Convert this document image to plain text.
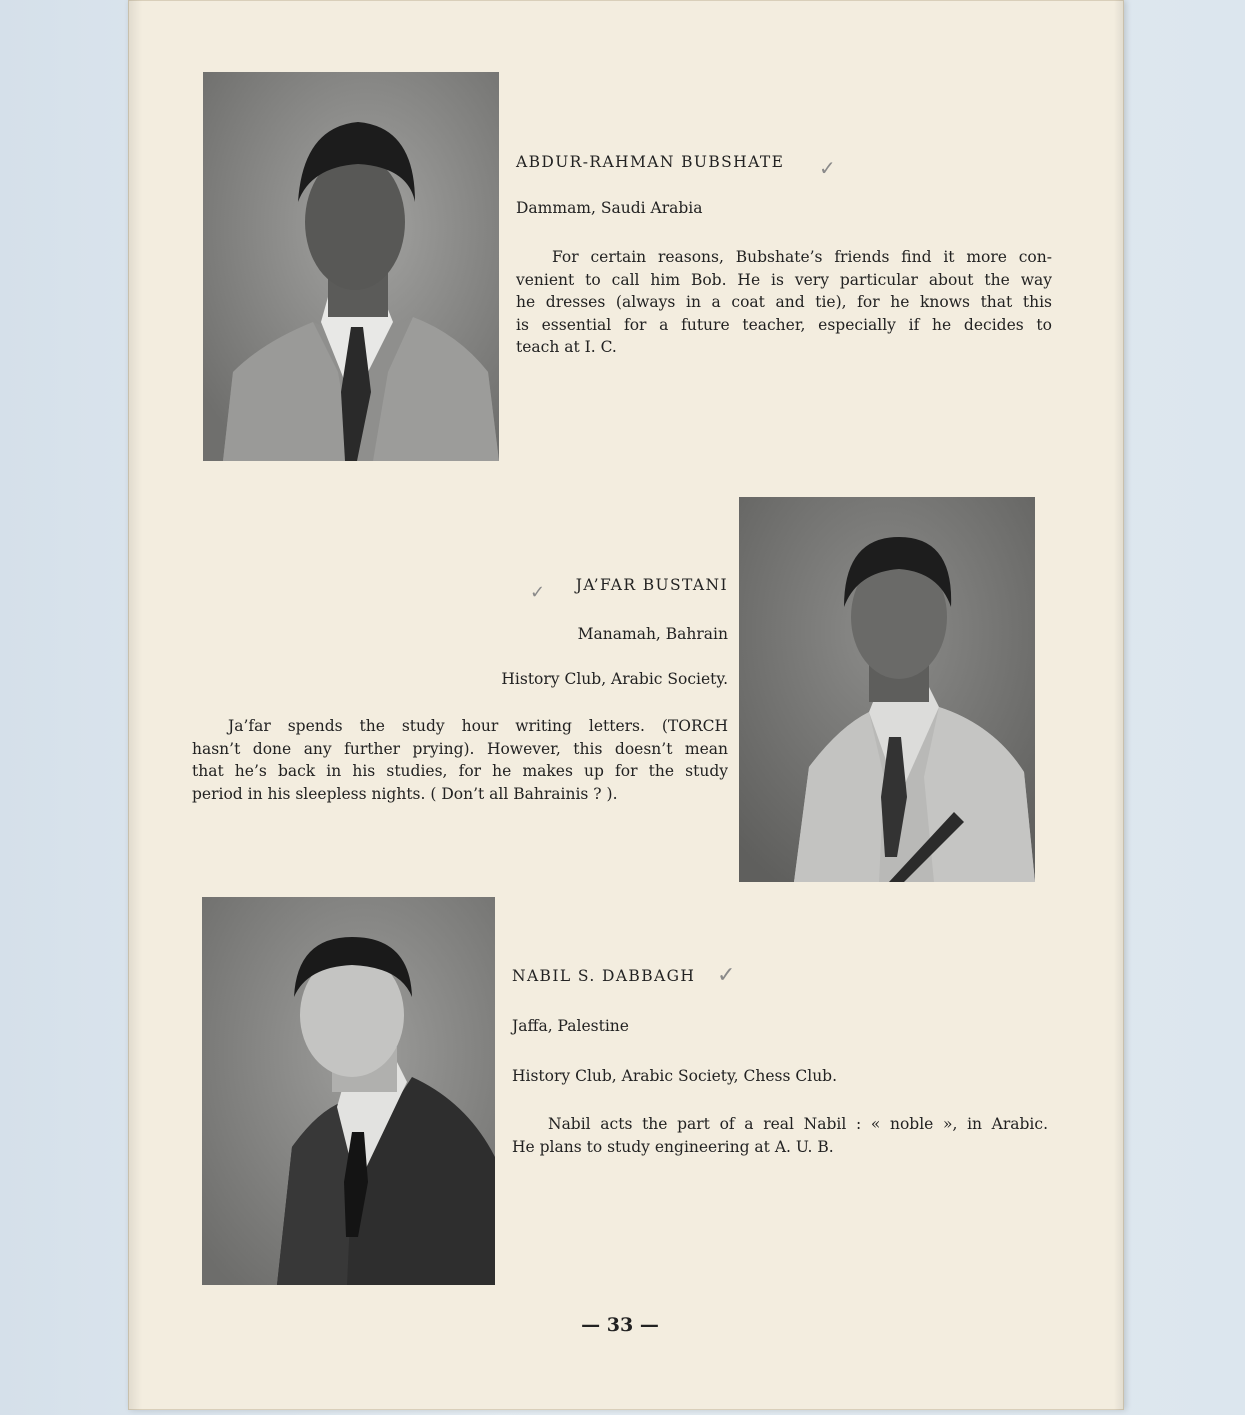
ABDUR-RAHMAN BUBSHATE ✓
Dammam, Saudi Arabia
For certain reasons, Bubshate’s friends find it more con-
venient to call him Bob. He is very particular about the way
he dresses (always in a coat and tie), for he knows that this
is essential for a future teacher, especially if he decides to
teach at I. C.
✓ JA’FAR BUSTANI
Manamah, Bahrain
History Club, Arabic Society.
Ja’far spends the study hour writing letters. (TORCH
hasn’t done any further prying). However, this doesn’t mean
that he’s back in his studies, for he makes up for the study
period in his sleepless nights. ( Don’t all Bahrainis ? ).
NABIL S. DABBAGH ✓
Jaffa, Palestine
History Club, Arabic Society, Chess Club.
Nabil acts the part of a real Nabil : « noble », in Arabic.
He plans to study engineering at A. U. B.
— 33 —
